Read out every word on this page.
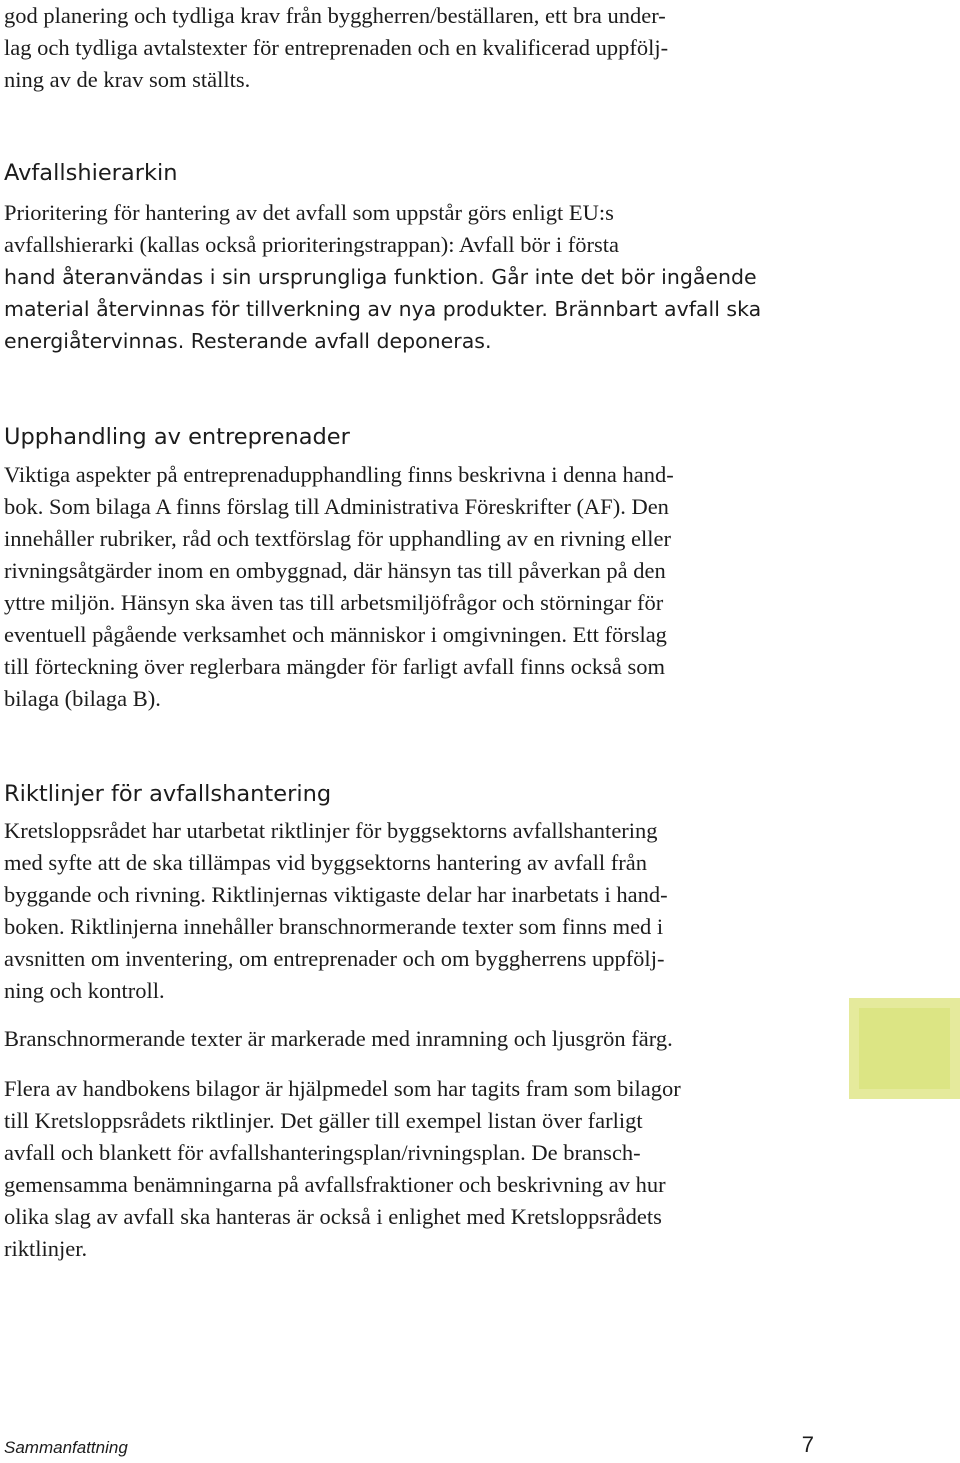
god planering och tydliga krav från byggherren/beställaren, ett bra under-

lag och tydliga avtalstexter för entreprenaden och en kvalificerad uppfölj-

ning av de krav som ställts.

Avfallshierarkin

Prioritering för hantering av det avfall som uppstår görs enligt EU:s

avfallshierarki (kallas också prioriteringstrappan): Avfall bör i första

hand återanvändas i sin ursprungliga funktion. Går inte det bör ingående

material återvinnas för tillverkning av nya produkter. Brännbart avfall ska

energiåtervinnas. Resterande avfall deponeras.

Upphandling av entreprenader

Viktiga aspekter på entreprenadupphandling finns beskrivna i denna hand-

bok. Som bilaga A finns förslag till Administrativa Föreskrifter (AF). Den

innehåller rubriker, råd och textförslag för upphandling av en rivning eller

rivningsåtgärder inom en ombyggnad, där hänsyn tas till påverkan på den

yttre miljön. Hänsyn ska även tas till arbetsmiljöfrågor och störningar för

eventuell pågående verksamhet och människor i omgivningen. Ett förslag

till förteckning över reglerbara mängder för farligt avfall finns också som

bilaga (bilaga B).

Riktlinjer för avfallshantering

Kretsloppsrådet har utarbetat riktlinjer för byggsektorns avfallshantering

med syfte att de ska tillämpas vid byggsektorns hantering av avfall från

byggande och rivning. Riktlinjernas viktigaste delar har inarbetats i hand-

boken. Riktlinjerna innehåller branschnormerande texter som finns med i

avsnitten om inventering, om entreprenader och om byggherrens uppfölj-

ning och kontroll.

Branschnormerande texter är markerade med inramning och ljusgrön färg.

Flera av handbokens bilagor är hjälpmedel som har tagits fram som bilagor

till Kretsloppsrådets riktlinjer. Det gäller till exempel listan över farligt

avfall och blankett för avfallshanteringsplan/rivningsplan. De bransch-

gemensamma benämningarna på avfallsfraktioner och beskrivning av hur

olika slag av avfall ska hanteras är också i enlighet med Kretsloppsrådets

riktlinjer.

Sammanfattning	7
